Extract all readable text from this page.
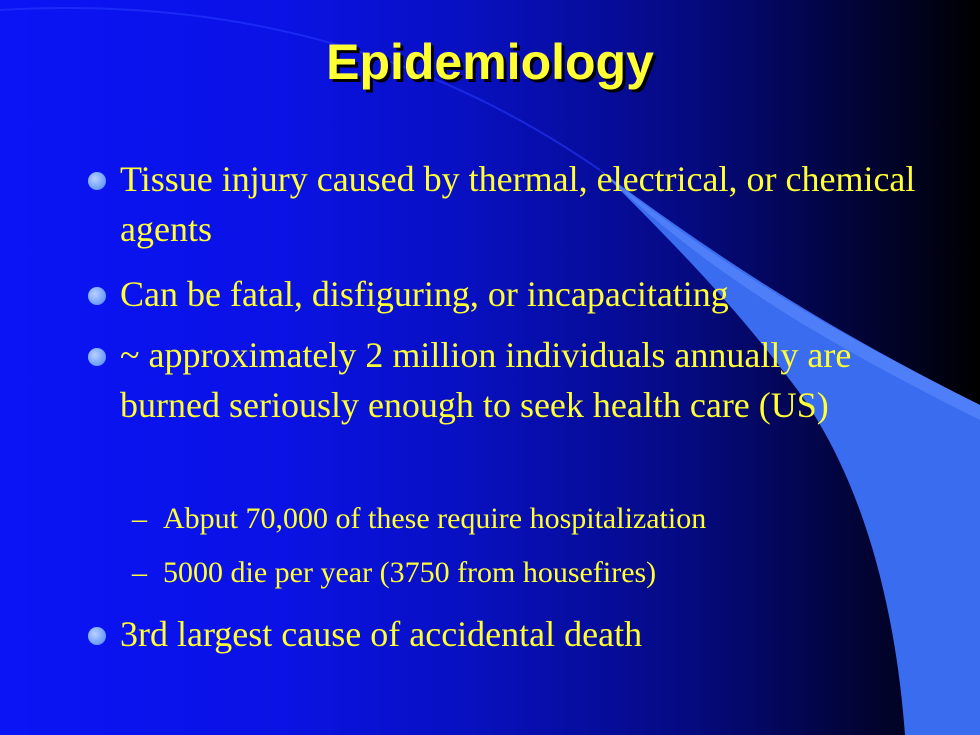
Epidemiology
Tissue injury caused by thermal, electrical, or chemical agents
Can be fatal, disfiguring, or incapacitating
~ approximately 2 million individuals annually are burned seriously enough to seek health care (US)
– Abput 70,000 of these require hospitalization
– 5000 die per year (3750 from housefires)
3rd largest cause of accidental death
